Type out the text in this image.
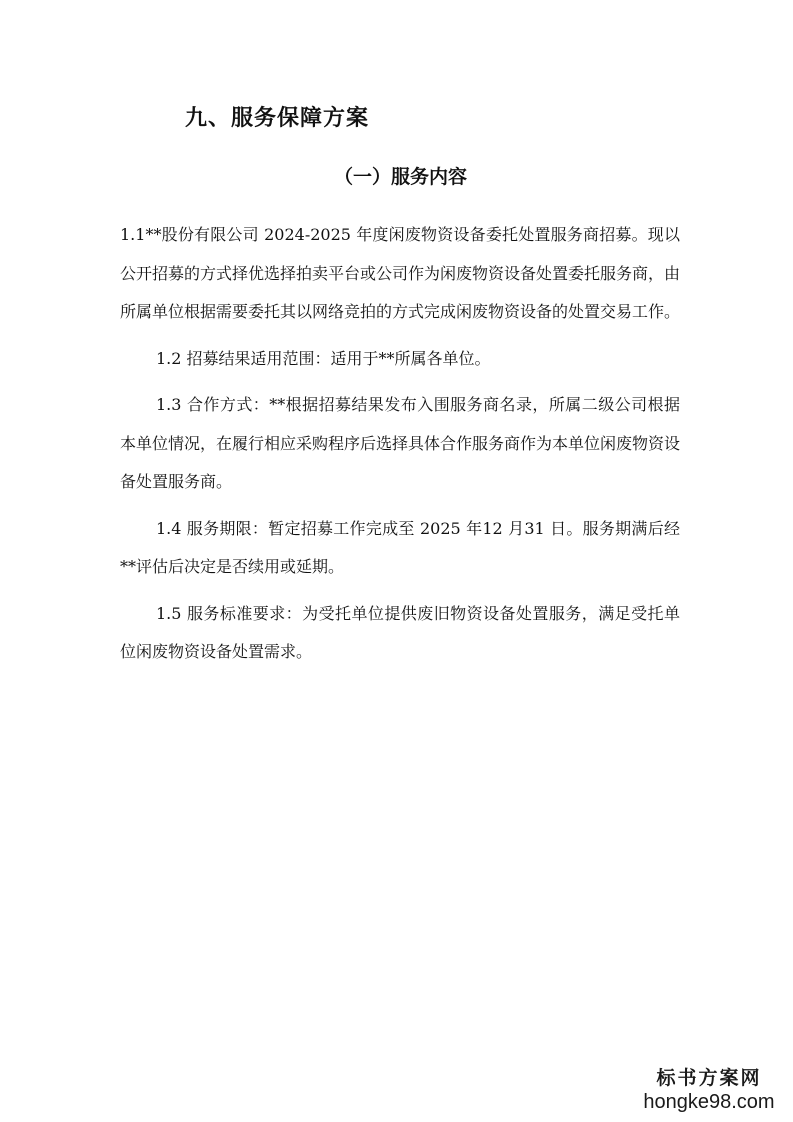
九、服务保障方案
（一）服务内容

1.1**股份有限公司 2024-2025 年度闲废物资设备委托处置服务商招募。现以公开招募的方式择优选择拍卖平台或公司作为闲废物资设备处置委托服务商，由所属单位根据需要委托其以网络竞拍的方式完成闲废物资设备的处置交易工作。

1.2 招募结果适用范围：适用于**所属各单位。

1.3 合作方式：**根据招募结果发布入围服务商名录，所属二级公司根据本单位情况，在履行相应采购程序后选择具体合作服务商作为本单位闲废物资设备处置服务商。

1.4 服务期限：暂定招募工作完成至 2025 年12 月31 日。服务期满后经**评估后决定是否续用或延期。

1.5 服务标准要求：为受托单位提供废旧物资设备处置服务，满足受托单位闲废物资设备处置需求。

标书方案网
hongke98.com
